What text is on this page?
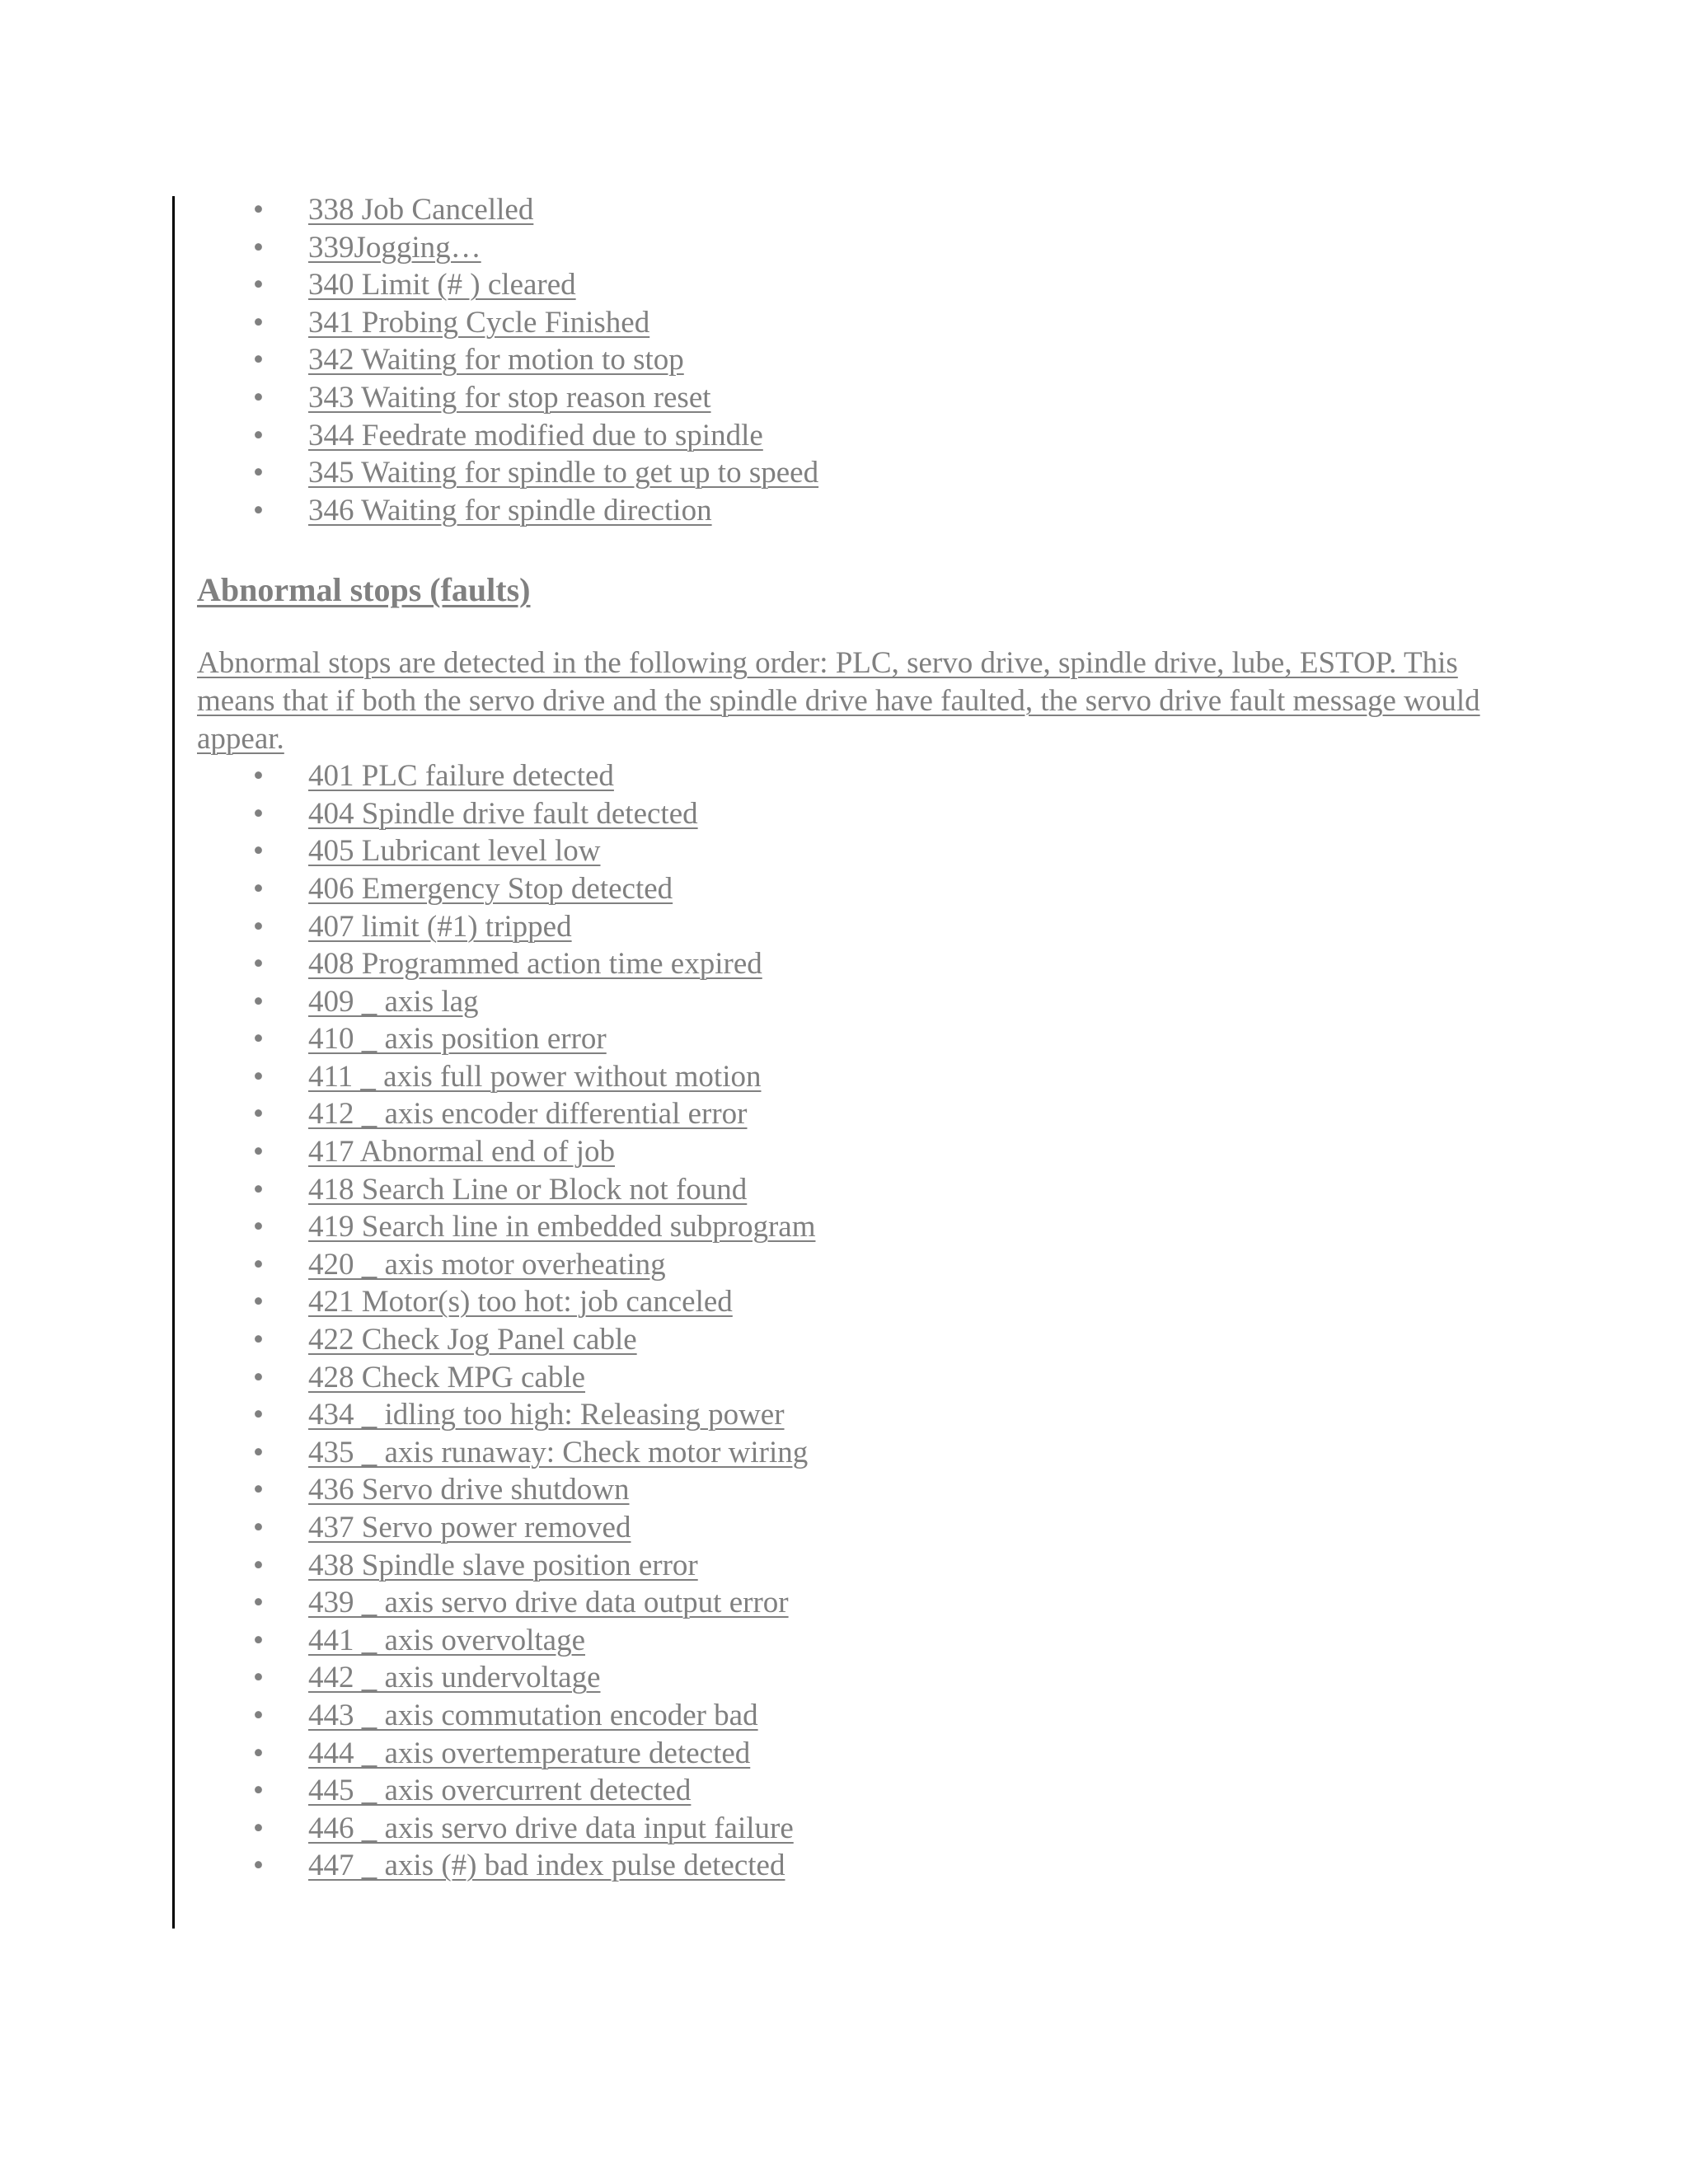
• 338 Job Cancelled
• 339Jogging…
• 340 Limit (# ) cleared
• 341 Probing Cycle Finished
• 342 Waiting for motion to stop
• 343 Waiting for stop reason reset
• 344 Feedrate modified due to spindle
• 345 Waiting for spindle to get up to speed
• 346 Waiting for spindle direction
Abnormal stops (faults)

Abnormal stops are detected in the following order: PLC, servo drive, spindle drive, lube, ESTOP. This means that if both the servo drive and the spindle drive have faulted, the servo drive fault message would appear.

• 401 PLC failure detected
• 404 Spindle drive fault detected
• 405 Lubricant level low
• 406 Emergency Stop detected
• 407 limit (#1) tripped
• 408 Programmed action time expired
• 409 _ axis lag
• 410 _ axis position error
• 411 _ axis full power without motion
• 412 _ axis encoder differential error
• 417 Abnormal end of job
• 418 Search Line or Block not found
• 419 Search line in embedded subprogram
• 420 _ axis motor overheating
• 421 Motor(s) too hot: job canceled
• 422 Check Jog Panel cable
• 428 Check MPG cable
• 434 _ idling too high: Releasing power
• 435 _ axis runaway: Check motor wiring
• 436 Servo drive shutdown
• 437 Servo power removed
• 438 Spindle slave position error
• 439 _ axis servo drive data output error
• 441 _ axis overvoltage
• 442 _ axis undervoltage
• 443 _ axis commutation encoder bad
• 444 _ axis overtemperature detected
• 445 _ axis overcurrent detected
• 446 _ axis servo drive data input failure
• 447 _ axis (#) bad index pulse detected
